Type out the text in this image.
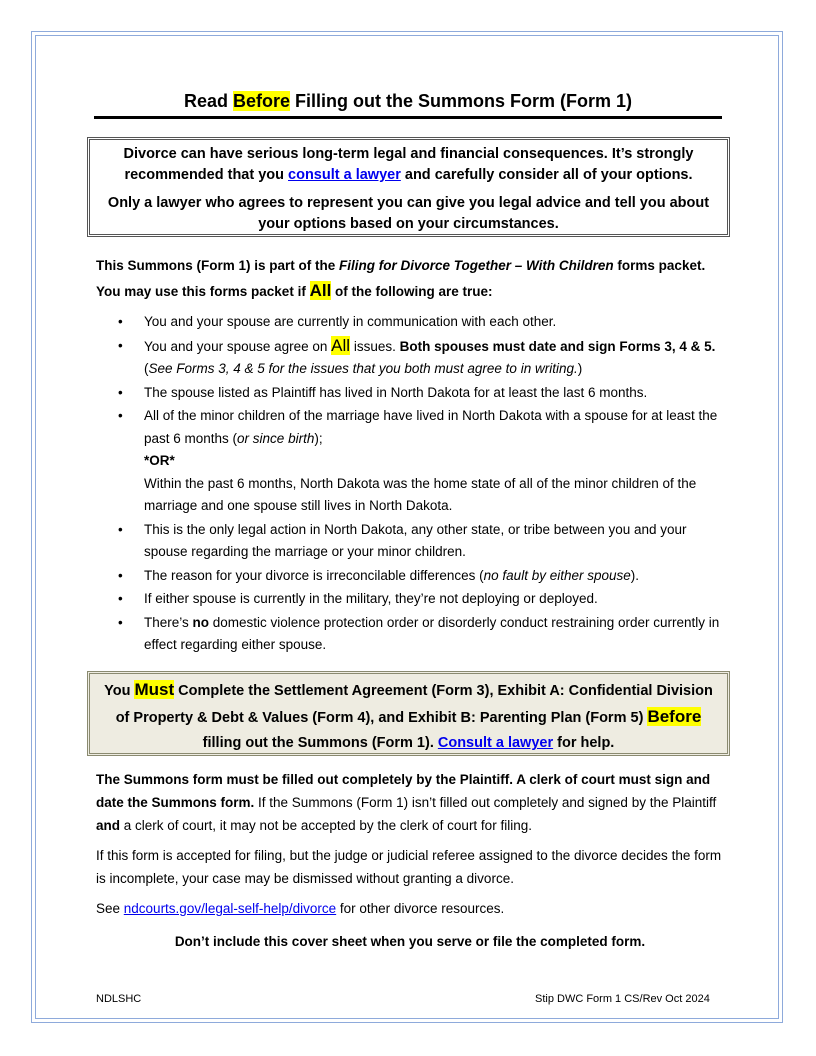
Read Before Filling out the Summons Form (Form 1)

Divorce can have serious long-term legal and financial consequences. It’s strongly recommended that you consult a lawyer and carefully consider all of your options.

Only a lawyer who agrees to represent you can give you legal advice and tell you about your options based on your circumstances.

This Summons (Form 1) is part of the Filing for Divorce Together – With Children forms packet. You may use this forms packet if All of the following are true:
• You and your spouse are currently in communication with each other.
• You and your spouse agree on All issues. Both spouses must date and sign Forms 3, 4 & 5. (See Forms 3, 4 & 5 for the issues that you both must agree to in writing.)
• The spouse listed as Plaintiff has lived in North Dakota for at least the last 6 months.
• All of the minor children of the marriage have lived in North Dakota with a spouse for at least the past 6 months (or since birth);
*OR*
Within the past 6 months, North Dakota was the home state of all of the minor children of the marriage and one spouse still lives in North Dakota.
• This is the only legal action in North Dakota, any other state, or tribe between you and your spouse regarding the marriage or your minor children.
• The reason for your divorce is irreconcilable differences (no fault by either spouse).
• If either spouse is currently in the military, they’re not deploying or deployed.
• There’s no domestic violence protection order or disorderly conduct restraining order currently in effect regarding either spouse.
You Must Complete the Settlement Agreement (Form 3), Exhibit A: Confidential Division of Property & Debt & Values (Form 4), and Exhibit B: Parenting Plan (Form 5) Before filling out the Summons (Form 1). Consult a lawyer for help.
The Summons form must be filled out completely by the Plaintiff. A clerk of court must sign and date the Summons form. If the Summons (Form 1) isn’t filled out completely and signed by the Plaintiff and a clerk of court, it may not be accepted by the clerk of court for filing.
If this form is accepted for filing, but the judge or judicial referee assigned to the divorce decides the form is incomplete, your case may be dismissed without granting a divorce.
See ndcourts.gov/legal-self-help/divorce for other divorce resources.
Don’t include this cover sheet when you serve or file the completed form.
NDLSHC	Stip DWC Form 1 CS/Rev Oct 2024
